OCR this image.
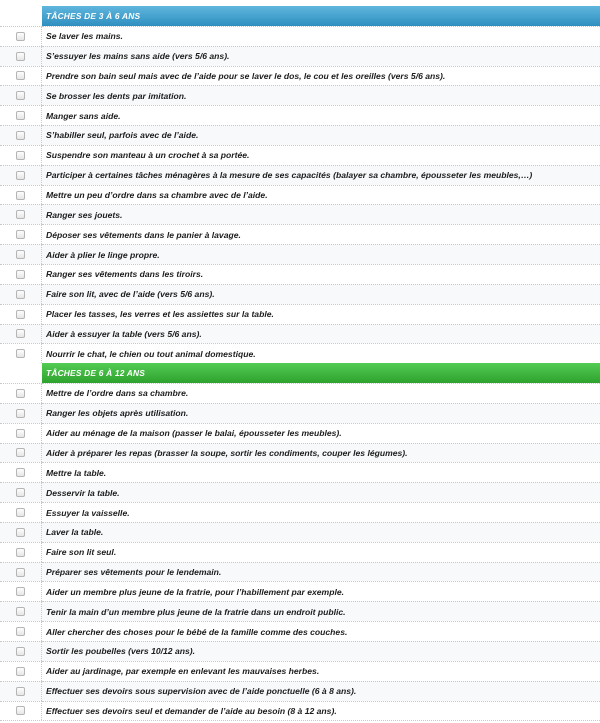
TÂCHES DE 3 À 6 ANS
Se laver les mains.
S’essuyer les mains sans aide (vers 5/6 ans).
Prendre son bain seul mais avec de l’aide pour se laver le dos, le cou et les oreilles (vers 5/6 ans).
Se brosser les dents par imitation.
Manger sans aide.
S’habiller seul, parfois avec de l’aide.
Suspendre son manteau à un crochet à sa portée.
Participer à certaines tâches ménagères à la mesure de ses capacités (balayer sa chambre, épousseter les meubles,…)
Mettre un peu d’ordre dans sa chambre avec de l’aide.
Ranger ses jouets.
Déposer ses vêtements dans le panier à lavage.
Aider à plier le linge propre.
Ranger ses vêtements dans les tiroirs.
Faire son lit, avec de l’aide (vers 5/6 ans).
Placer les tasses, les verres et les assiettes sur la table.
Aider à essuyer la table (vers 5/6 ans).
Nourrir le chat, le chien ou tout animal domestique.
TÂCHES DE 6 À 12 ANS
Mettre de l’ordre dans sa chambre.
Ranger les objets après utilisation.
Aider au ménage de la maison (passer le balai, épousseter les meubles).
Aider à préparer les repas (brasser la soupe, sortir les condiments, couper les légumes).
Mettre la table.
Desservir la table.
Essuyer la vaisselle.
Laver la table.
Faire son lit seul.
Préparer ses vêtements pour le lendemain.
Aider un membre plus jeune de la fratrie, pour l’habillement par exemple.
Tenir la main d’un membre plus jeune de la fratrie dans un endroit public.
Aller chercher des choses pour le bébé de la famille comme des couches.
Sortir les poubelles (vers 10/12 ans).
Aider au jardinage, par exemple en enlevant les mauvaises herbes.
Effectuer ses devoirs sous supervision avec de l’aide ponctuelle (6 à 8 ans).
Effectuer ses devoirs seul et demander de l’aide au besoin (8 à 12 ans).
